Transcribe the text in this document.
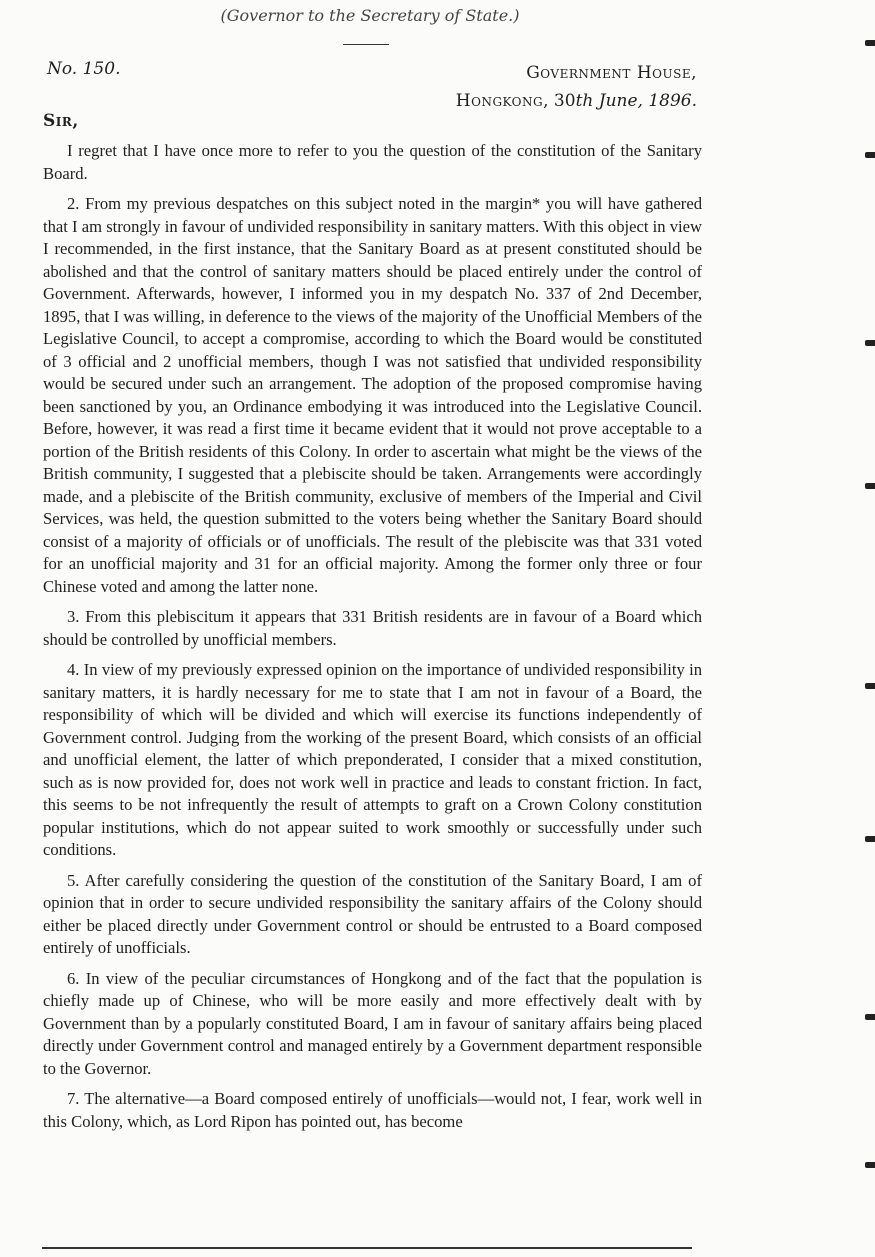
(Governor to the Secretary of State.)
No. 150.	Government House,
Hongkong, 30th June, 1896.
Sir,

I regret that I have once more to refer to you the question of the constitution of the Sanitary Board.

2. From my previous despatches on this subject noted in the margin* you will have gathered that I am strongly in favour of undivided responsibility in sanitary matters. With this object in view I recommended, in the first instance, that the Sanitary Board as at present constituted should be abolished and that the control of sanitary matters should be placed entirely under the control of Government. Afterwards, however, I informed you in my despatch No. 337 of 2nd December, 1895, that I was willing, in deference to the views of the majority of the Unofficial Members of the Legislative Council, to accept a compromise, according to which the Board would be constituted of 3 official and 2 unofficial members, though I was not satisfied that undivided responsibility would be secured under such an arrangement. The adoption of the proposed compromise having been sanctioned by you, an Ordinance embodying it was introduced into the Legislative Council. Before, however, it was read a first time it became evident that it would not prove acceptable to a portion of the British residents of this Colony. In order to ascertain what might be the views of the British community, I suggested that a plebiscite should be taken. Arrangements were accordingly made, and a plebiscite of the British community, exclusive of members of the Imperial and Civil Services, was held, the question submitted to the voters being whether the Sanitary Board should consist of a majority of officials or of unofficials. The result of the plebiscite was that 331 voted for an unofficial majority and 31 for an official majority. Among the former only three or four Chinese voted and among the latter none.

3. From this plebiscitum it appears that 331 British residents are in favour of a Board which should be controlled by unofficial members.

4. In view of my previously expressed opinion on the importance of undivided responsibility in sanitary matters, it is hardly necessary for me to state that I am not in favour of a Board, the responsibility of which will be divided and which will exercise its functions independently of Government control. Judging from the working of the present Board, which consists of an official and unofficial element, the latter of which preponderated, I consider that a mixed constitution, such as is now provided for, does not work well in practice and leads to constant friction. In fact, this seems to be not infrequently the result of attempts to graft on a Crown Colony constitution popular institutions, which do not appear suited to work smoothly or successfully under such conditions.

5. After carefully considering the question of the constitution of the Sanitary Board, I am of opinion that in order to secure undivided responsibility the sanitary affairs of the Colony should either be placed directly under Government control or should be entrusted to a Board composed entirely of unofficials.

6. In view of the peculiar circumstances of Hongkong and of the fact that the population is chiefly made up of Chinese, who will be more easily and more effectively dealt with by Government than by a popularly constituted Board, I am in favour of sanitary affairs being placed directly under Government control and managed entirely by a Government department responsible to the Governor.

7. The alternative—a Board composed entirely of unofficials—would not, I fear, work well in this Colony, which, as Lord Ripon has pointed out, has become
